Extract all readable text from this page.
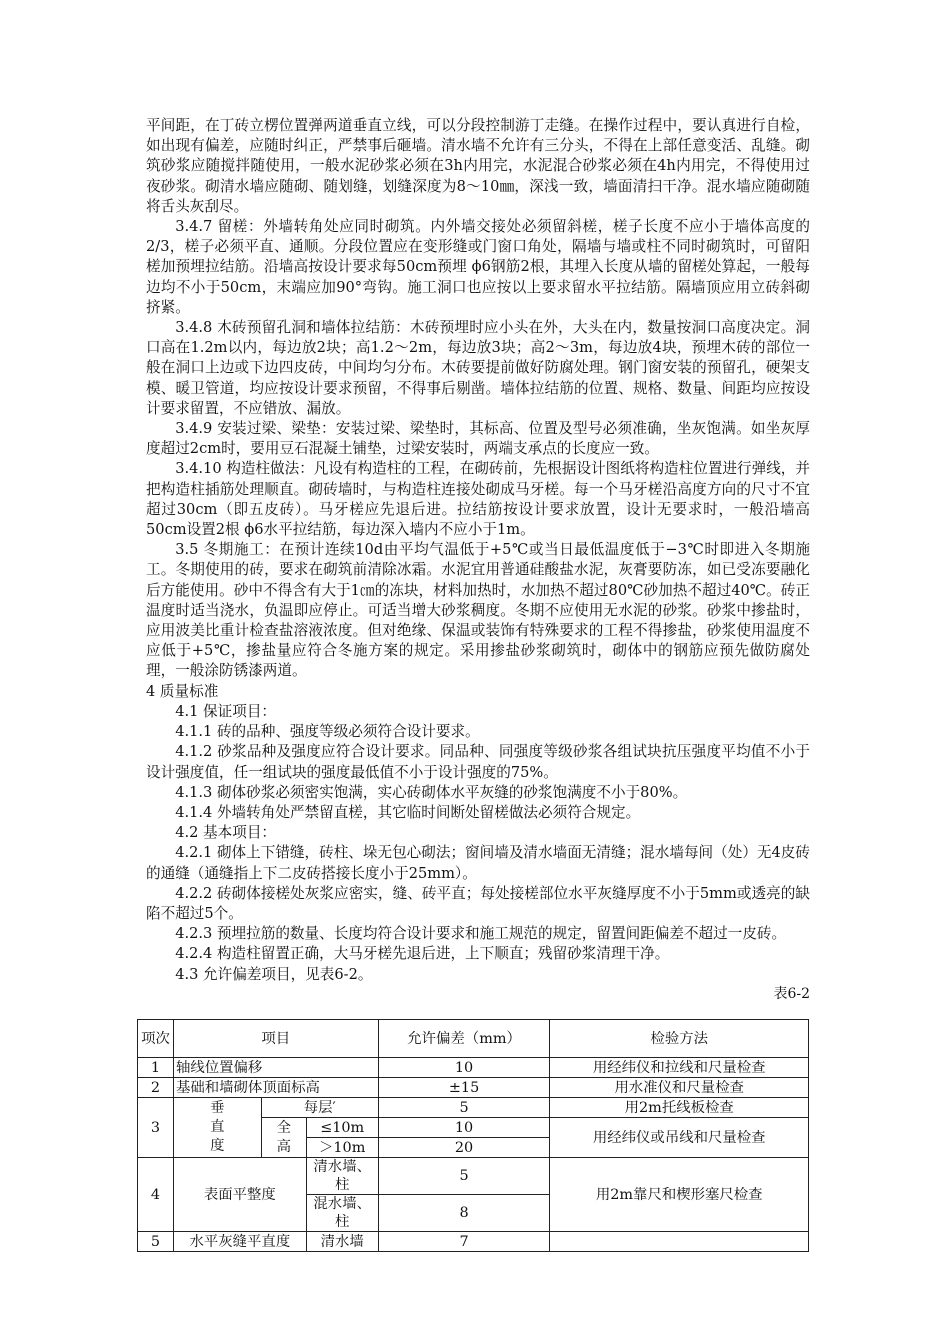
平间距，在丁砖立楞位置弹两道垂直立线，可以分段控制游丁走缝。在操作过程中，要认真进行自检，如出现有偏差，应随时纠正，严禁事后砸墙。清水墙不允许有三分头，不得在上部任意变活、乱缝。砌筑砂浆应随搅拌随使用，一般水泥砂浆必须在3h内用完，水泥混合砂浆必须在4h内用完，不得使用过夜砂浆。砌清水墙应随砌、随划缝，划缝深度为8～10㎜，深浅一致，墙面清扫干净。混水墙应随砌随将舌头灰刮尽。

3.4.7 留槎：外墙转角处应同时砌筑。内外墙交接处必须留斜槎，槎子长度不应小于墙体高度的2/3，槎子必须平直、通顺。分段位置应在变形缝或门窗口角处，隔墙与墙或柱不同时砌筑时，可留阳槎加预埋拉结筋。沿墙高按设计要求每50cm预埋 ϕ6钢筋2根，其埋入长度从墙的留槎处算起，一般每边均不小于50cm，末端应加90°弯钩。施工洞口也应按以上要求留水平拉结筋。隔墙顶应用立砖斜砌挤紧。

3.4.8 木砖预留孔洞和墙体拉结筋：木砖预埋时应小头在外，大头在内，数量按洞口高度决定。洞口高在1.2m以内，每边放2块；高1.2～2m，每边放3块；高2～3m，每边放4块，预埋木砖的部位一般在洞口上边或下边四皮砖，中间均匀分布。木砖要提前做好防腐处理。钢门窗安装的预留孔，硬架支模、暖卫管道，均应按设计要求预留，不得事后剔凿。墙体拉结筋的位置、规格、数量、间距均应按设计要求留置，不应错放、漏放。

3.4.9 安装过梁、梁垫：安装过梁、梁垫时，其标高、位置及型号必须准确，坐灰饱满。如坐灰厚度超过2cm时，要用豆石混凝土铺垫，过梁安装时，两端支承点的长度应一致。

3.4.10 构造柱做法：凡设有构造柱的工程，在砌砖前，先根据设计图纸将构造柱位置进行弹线，并把构造柱插筋处理顺直。砌砖墙时，与构造柱连接处砌成马牙槎。每一个马牙槎沿高度方向的尺寸不宜超过30cm（即五皮砖）。马牙槎应先退后进。拉结筋按设计要求放置，设计无要求时，一般沿墙高50cm设置2根 ϕ6水平拉结筋，每边深入墙内不应小于1m。

3.5 冬期施工：在预计连续10d由平均气温低于+5℃或当日最低温度低于−3℃时即进入冬期施工。冬期使用的砖，要求在砌筑前清除冰霜。水泥宜用普通硅酸盐水泥，灰膏要防冻，如已受冻要融化后方能使用。砂中不得含有大于1㎝的冻块，材料加热时，水加热不超过80℃砂加热不超过40℃。砖正温度时适当浇水，负温即应停止。可适当增大砂浆稠度。冬期不应使用无水泥的砂浆。砂浆中掺盐时，应用波美比重计检查盐溶液浓度。但对绝缘、保温或装饰有特殊要求的工程不得掺盐，砂浆使用温度不应低于+5℃，掺盐量应符合冬施方案的规定。采用掺盐砂浆砌筑时，砌体中的钢筋应预先做防腐处理，一般涂防锈漆两道。

4 质量标准

4.1 保证项目：

4.1.1 砖的品种、强度等级必须符合设计要求。

4.1.2 砂浆品种及强度应符合设计要求。同品种、同强度等级砂浆各组试块抗压强度平均值不小于设计强度值，任一组试块的强度最低值不小于设计强度的75%。

4.1.3 砌体砂浆必须密实饱满，实心砖砌体水平灰缝的砂浆饱满度不小于80%。

4.1.4 外墙转角处严禁留直槎，其它临时间断处留槎做法必须符合规定。

4.2 基本项目：

4.2.1 砌体上下错缝，砖柱、垛无包心砌法；窗间墙及清水墙面无清缝；混水墙每间（处）无4皮砖的通缝（通缝指上下二皮砖搭接长度小于25mm）。

4.2.2 砖砌体接槎处灰浆应密实，缝、砖平直；每处接槎部位水平灰缝厚度不小于5mm或透亮的缺陷不超过5个。

4.2.3 预埋拉筋的数量、长度均符合设计要求和施工规范的规定，留置间距偏差不超过一皮砖。

4.2.4 构造柱留置正确，大马牙槎先退后进，上下顺直；残留砂浆清理干净。

4.3 允许偏差项目，见表6-2。

表6-2

项次	项目			允许偏差（mm）	检验方法
1	轴线位置偏移			10	用经纬仪和拉线和尺量检查
2	基础和墙砌体顶面标高			±15	用水准仪和尺量检查
3	垂直度	每层′		5	用2m托线板检查
		全高	≤10m	10	用经纬仪或吊线和尺量检查
			＞10m	20	
4	表面平整度		清水墙、柱	5	用2m靠尺和楔形塞尺检查
			混水墙、柱	8	
5	水平灰缝平直度		清水墙	7	
